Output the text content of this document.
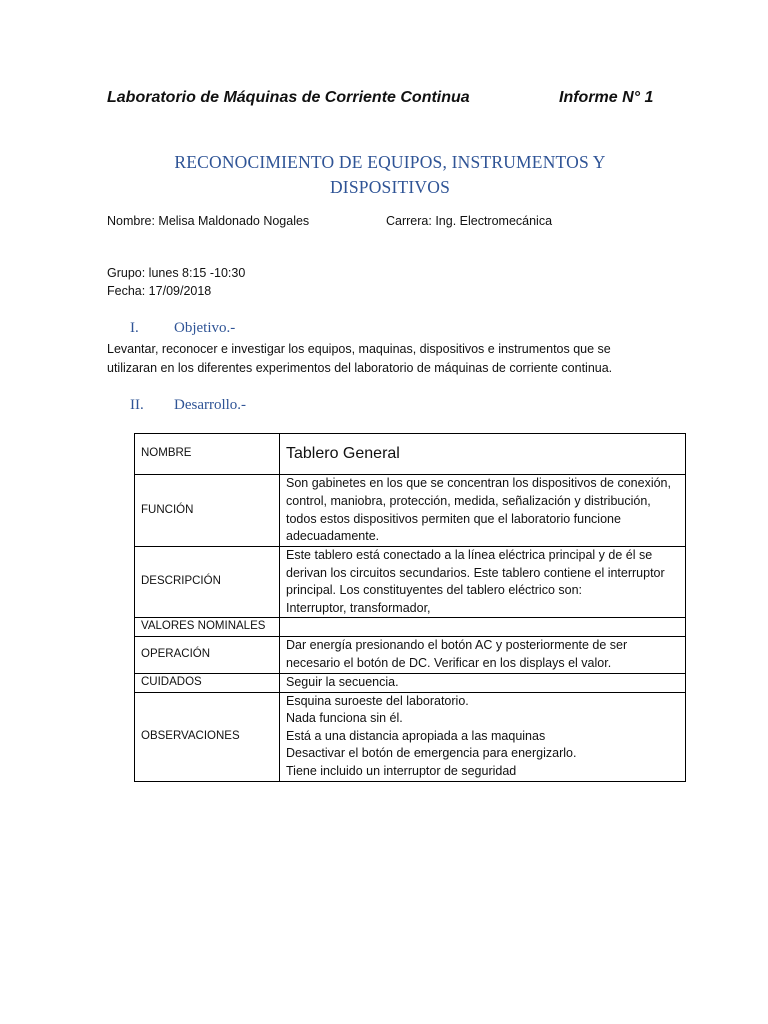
Laboratorio de Máquinas de Corriente Continua	Informe N° 1
RECONOCIMIENTO DE EQUIPOS, INSTRUMENTOS Y
DISPOSITIVOS
Nombre: Melisa Maldonado Nogales	Carrera: Ing. Electromecánica
Grupo: lunes 8:15 -10:30
Fecha: 17/09/2018
I. Objetivo.-
Levantar, reconocer e investigar los equipos, maquinas, dispositivos e instrumentos que se
utilizaran en los diferentes experimentos del laboratorio de máquinas de corriente continua.
II. Desarrollo.-
NOMBRE	Tablero General

FUNCIÓN	Son gabinetes en los que se concentran los dispositivos de conexión,
control, maniobra, protección, medida, señalización y distribución,
todos estos dispositivos permiten que el laboratorio funcione
adecuadamente.

DESCRIPCIÓN	Este tablero está conectado a la línea eléctrica principal y de él se
derivan los circuitos secundarios. Este tablero contiene el interruptor
principal. Los constituyentes del tablero eléctrico son:
Interruptor, transformador,

VALORES NOMINALES	
OPERACIÓN	Dar energía presionando el botón AC y posteriormente de ser
necesario el botón de DC. Verificar en los displays el valor.

CUIDADOS	Seguir la secuencia.

OBSERVACIONES	Esquina suroeste del laboratorio.
Nada funciona sin él.
Está a una distancia apropiada a las maquinas
Desactivar el botón de emergencia para energizarlo.
Tiene incluido un interruptor de seguridad
